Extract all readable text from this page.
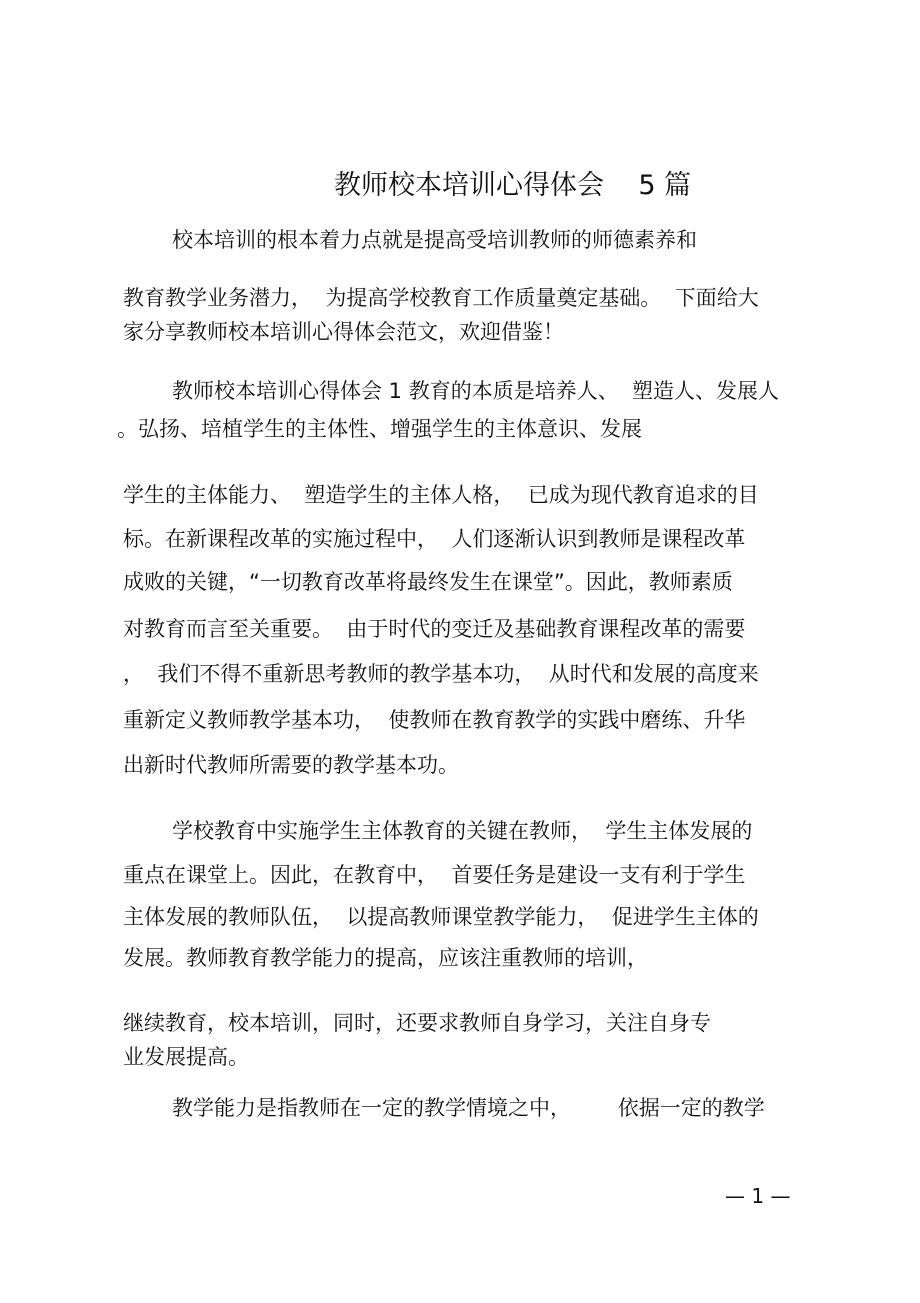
教师校本培训心得体会    5 篇
校本培训的根本着力点就是提高受培训教师的师德素养和
教育教学业务潜力，  为提高学校教育工作质量奠定基础。  下面给大
家分享教师校本培训心得体会范文，欢迎借鉴！
教师校本培训心得体会 1 教育的本质是培养人、  塑造人、发展人
。弘扬、培植学生的主体性、增强学生的主体意识、发展
学生的主体能力、  塑造学生的主体人格，  已成为现代教育追求的目
标。在新课程改革的实施过程中，  人们逐渐认识到教师是课程改革
成败的关键，“一切教育改革将最终发生在课堂”。因此，教师素质
对教育而言至关重要。  由于时代的变迁及基础教育课程改革的需要
，  我们不得不重新思考教师的教学基本功，  从时代和发展的高度来
重新定义教师教学基本功，  使教师在教育教学的实践中磨练、升华
出新时代教师所需要的教学基本功。
学校教育中实施学生主体教育的关键在教师，  学生主体发展的
重点在课堂上。因此，在教育中，  首要任务是建设一支有利于学生
主体发展的教师队伍，  以提高教师课堂教学能力，  促进学生主体的
发展。教师教育教学能力的提高，应该注重教师的培训，
继续教育，校本培训，同时，还要求教师自身学习，关注自身专
业发展提高。
教学能力是指教师在一定的教学情境之中，       依据一定的教学
— 1 —
